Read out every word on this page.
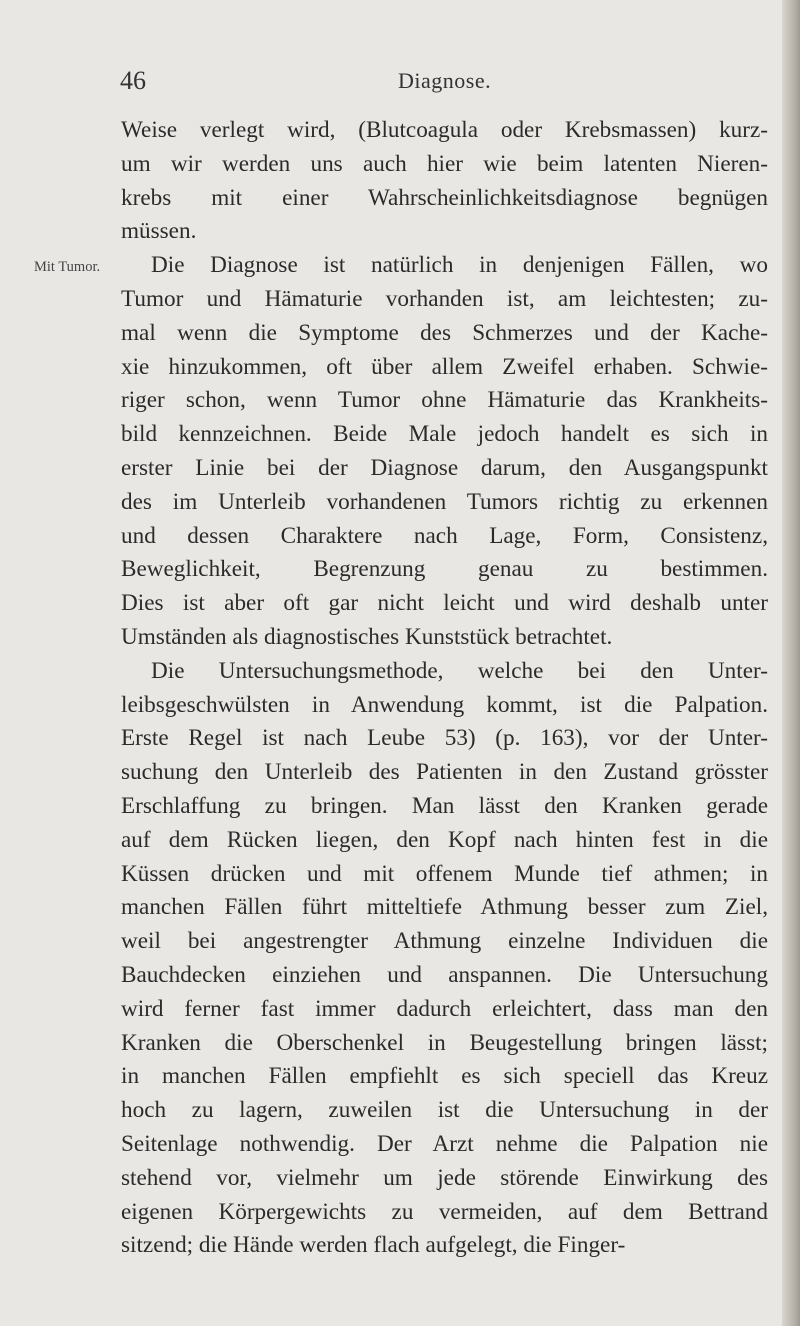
46	Diagnose.
Mit Tumor.
Weise verlegt wird, (Blutcoagula oder Krebsmassen) kurz-
um wir werden uns auch hier wie beim latenten Nieren-
krebs mit einer Wahrscheinlichkeitsdiagnose begnügen
müssen.
Die Diagnose ist natürlich in denjenigen Fällen, wo
Tumor und Hämaturie vorhanden ist, am leichtesten; zu-
mal wenn die Symptome des Schmerzes und der Kache-
xie hinzukommen, oft über allem Zweifel erhaben. Schwie-
riger schon, wenn Tumor ohne Hämaturie das Krankheits-
bild kennzeichnen. Beide Male jedoch handelt es sich in
erster Linie bei der Diagnose darum, den Ausgangspunkt
des im Unterleib vorhandenen Tumors richtig zu erkennen
und dessen Charaktere nach Lage, Form, Consistenz,
Beweglichkeit, Begrenzung genau zu bestimmen.
Dies ist aber oft gar nicht leicht und wird deshalb unter
Umständen als diagnostisches Kunststück betrachtet.
Die Untersuchungsmethode, welche bei den Unter-
leibsgeschwülsten in Anwendung kommt, ist die Palpation.
Erste Regel ist nach Leube 53) (p. 163), vor der Unter-
suchung den Unterleib des Patienten in den Zustand grösster
Erschlaffung zu bringen. Man lässt den Kranken gerade
auf dem Rücken liegen, den Kopf nach hinten fest in die
Küssen drücken und mit offenem Munde tief athmen; in
manchen Fällen führt mitteltiefe Athmung besser zum Ziel,
weil bei angestrengter Athmung einzelne Individuen die
Bauchdecken einziehen und anspannen. Die Untersuchung
wird ferner fast immer dadurch erleichtert, dass man den
Kranken die Oberschenkel in Beugestellung bringen lässt;
in manchen Fällen empfiehlt es sich speciell das Kreuz
hoch zu lagern, zuweilen ist die Untersuchung in der
Seitenlage nothwendig. Der Arzt nehme die Palpation nie
stehend vor, vielmehr um jede störende Einwirkung des
eigenen Körpergewichts zu vermeiden, auf dem Bettrand
sitzend; die Hände werden flach aufgelegt, die Finger-
